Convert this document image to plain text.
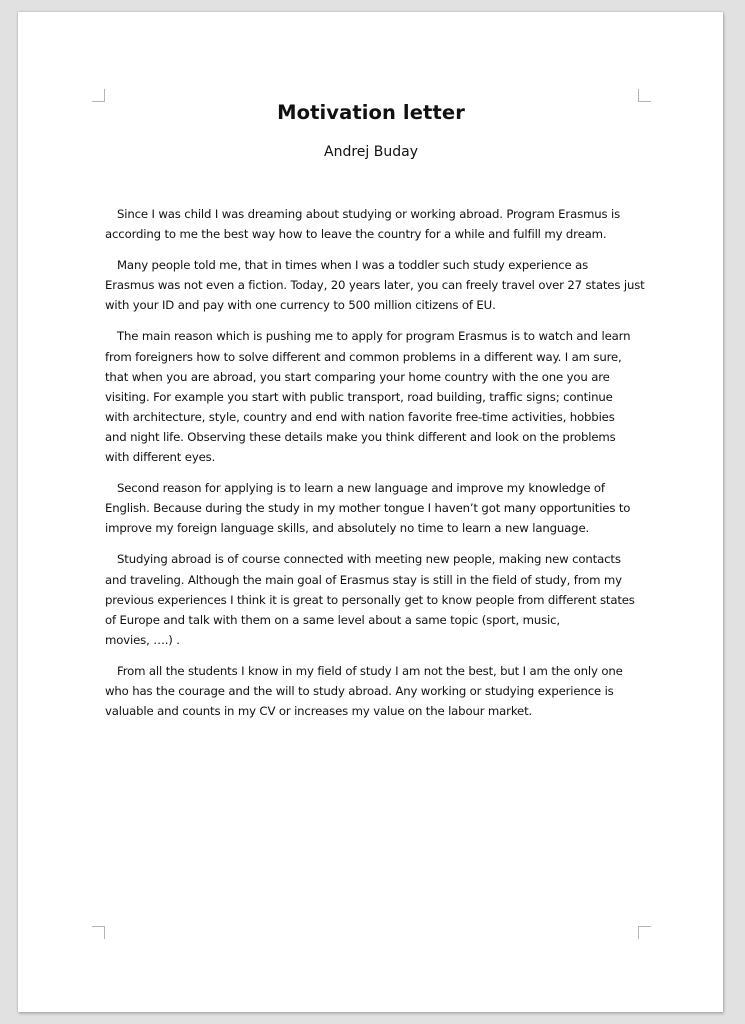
Motivation letter

Andrej Buday

Since I was child I was dreaming about studying or working abroad. Program Erasmus is
according to me the best way how to leave the country for a while and fulfill my dream.

Many people told me, that in times when I was a toddler such study experience as
Erasmus was not even a fiction. Today, 20 years later, you can freely travel over 27 states just
with your ID and pay with one currency to 500 million citizens of EU.

The main reason which is pushing me to apply for program Erasmus is to watch and learn
from foreigners how to solve different and common problems in a different way. I am sure,
that when you are abroad, you start comparing your home country with the one you are
visiting. For example you start with public transport, road building, traffic signs; continue
with architecture, style, country and end with nation favorite free-time activities, hobbies
and night life. Observing these details make you think different and look on the problems
with different eyes.

Second reason for applying is to learn a new language and improve my knowledge of
English. Because during the study in my mother tongue I haven’t got many opportunities to
improve my foreign language skills, and absolutely no time to learn a new language.

Studying abroad is of course connected with meeting new people, making new contacts
and traveling. Although the main goal of Erasmus stay is still in the field of study, from my
previous experiences I think it is great to personally get to know people from different states
of Europe and talk with them on a same level about a same topic (sport, music,
movies, ….) .

From all the students I know in my field of study I am not the best, but I am the only one
who has the courage and the will to study abroad. Any working or studying experience is
valuable and counts in my CV or increases my value on the labour market.
